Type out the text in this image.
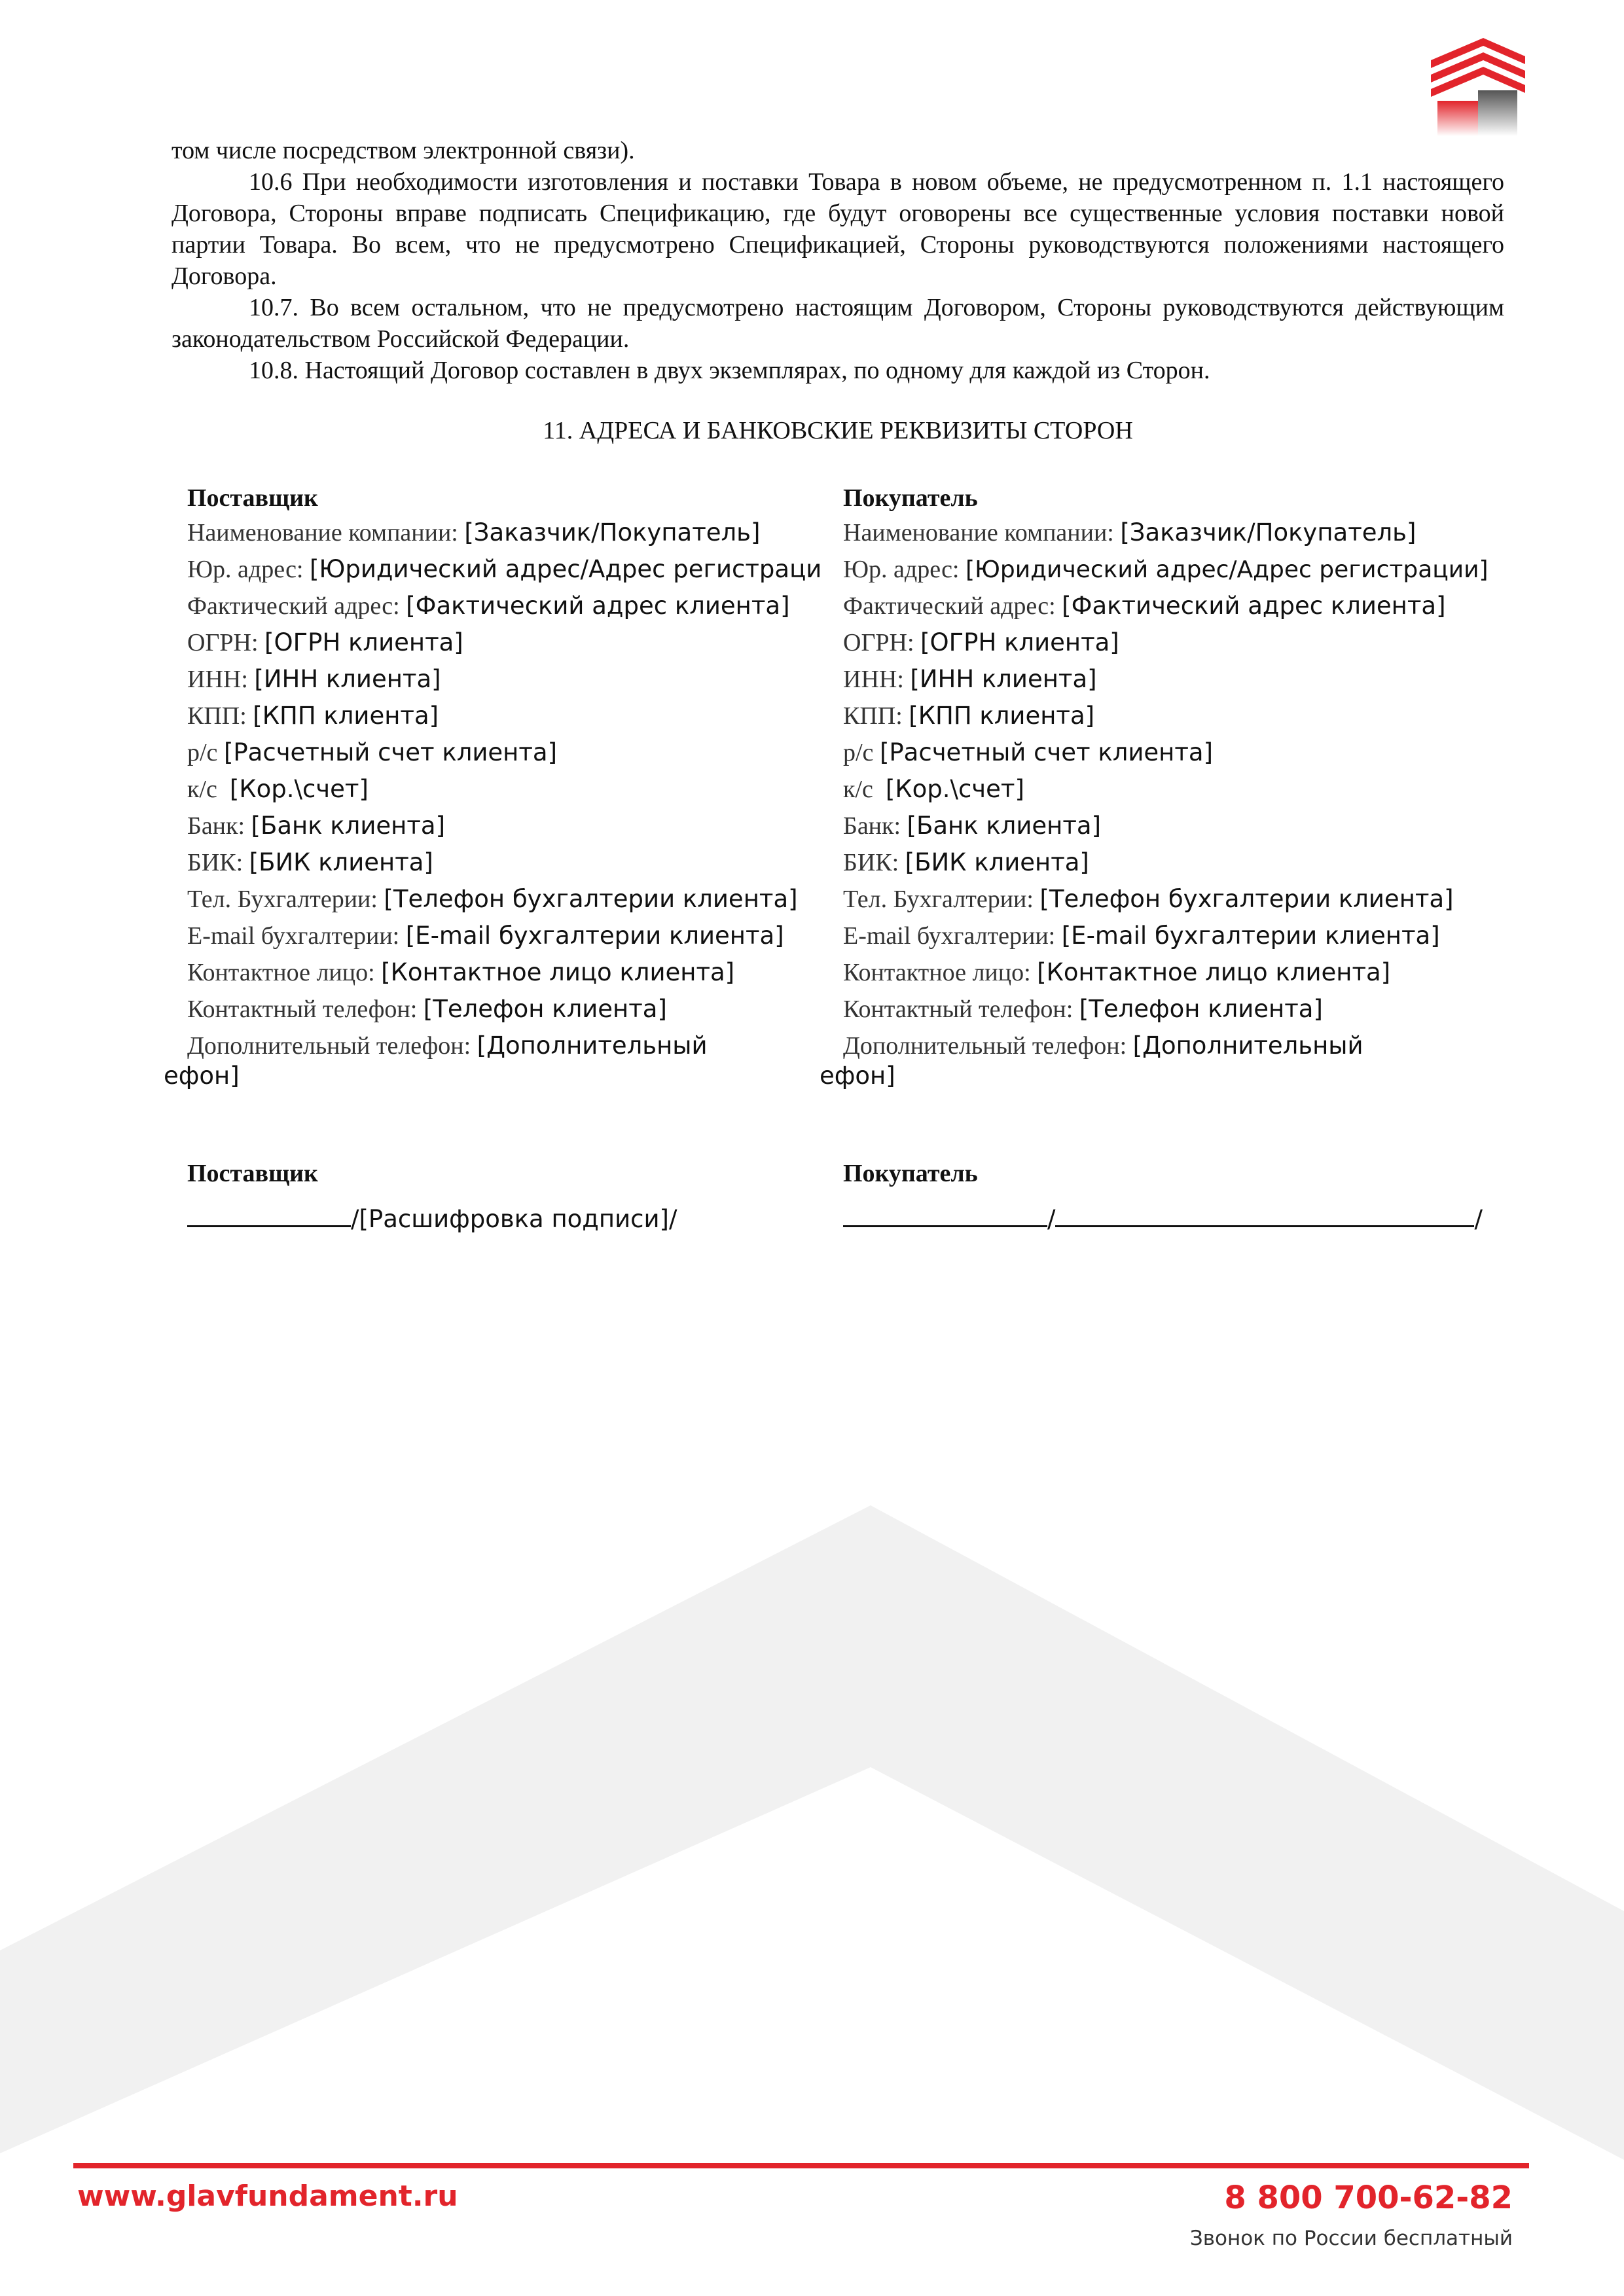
том числе посредством электронной связи).

10.6 При необходимости изготовления и поставки Товара в новом объеме, не предусмотренном п. 1.1 настоящего Договора, Стороны вправе подписать Спецификацию, где будут оговорены все существенные условия поставки новой партии Товара. Во всем, что не предусмотрено Спецификацией, Стороны руководствуются положениями настоящего Договора.

10.7. Во всем остальном, что не предусмотрено настоящим Договором, Стороны руководствуются действующим законодательством Российской Федерации.

10.8. Настоящий Договор составлен в двух экземплярах, по одному для каждой из Сторон.

11. АДРЕСА И БАНКОВСКИЕ РЕКВИЗИТЫ СТОРОН
Поставщик
Наименование компании: [Заказчик/Покупатель]
Юр. адрес: [Юридический адрес/Адрес регистраци
Фактический адрес: [Фактический адрес клиента]
ОГРН: [ОГРН клиента]
ИНН: [ИНН клиента]
КПП: [КПП клиента]
р/с [Расчетный счет клиента]
к/с  [Кор.\счет]
Банк: [Банк клиента]
БИК: [БИК клиента]
Тел. Бухгалтерии: [Телефон бухгалтерии клиента]
E-mail бухгалтерии: [E-mail бухгалтерии клиента]
Контактное лицо: [Контактное лицо клиента]
Контактный телефон: [Телефон клиента]
Дополнительный телефон: [Дополнительный
ефон]
Покупатель
Наименование компании: [Заказчик/Покупатель]
Юр. адрес: [Юридический адрес/Адрес регистрации]
Фактический адрес: [Фактический адрес клиента]
ОГРН: [ОГРН клиента]
ИНН: [ИНН клиента]
КПП: [КПП клиента]
р/с [Расчетный счет клиента]
к/с  [Кор.\счет]
Банк: [Банк клиента]
БИК: [БИК клиента]
Тел. Бухгалтерии: [Телефон бухгалтерии клиента]
E-mail бухгалтерии: [E-mail бухгалтерии клиента]
Контактное лицо: [Контактное лицо клиента]
Контактный телефон: [Телефон клиента]
Дополнительный телефон: [Дополнительный
ефон]
Поставщик
/[Расшифровка подписи]/
Покупатель
/	/
www.glavfundament.ru	8 800 700-62-82
Звонок по России бесплатный
